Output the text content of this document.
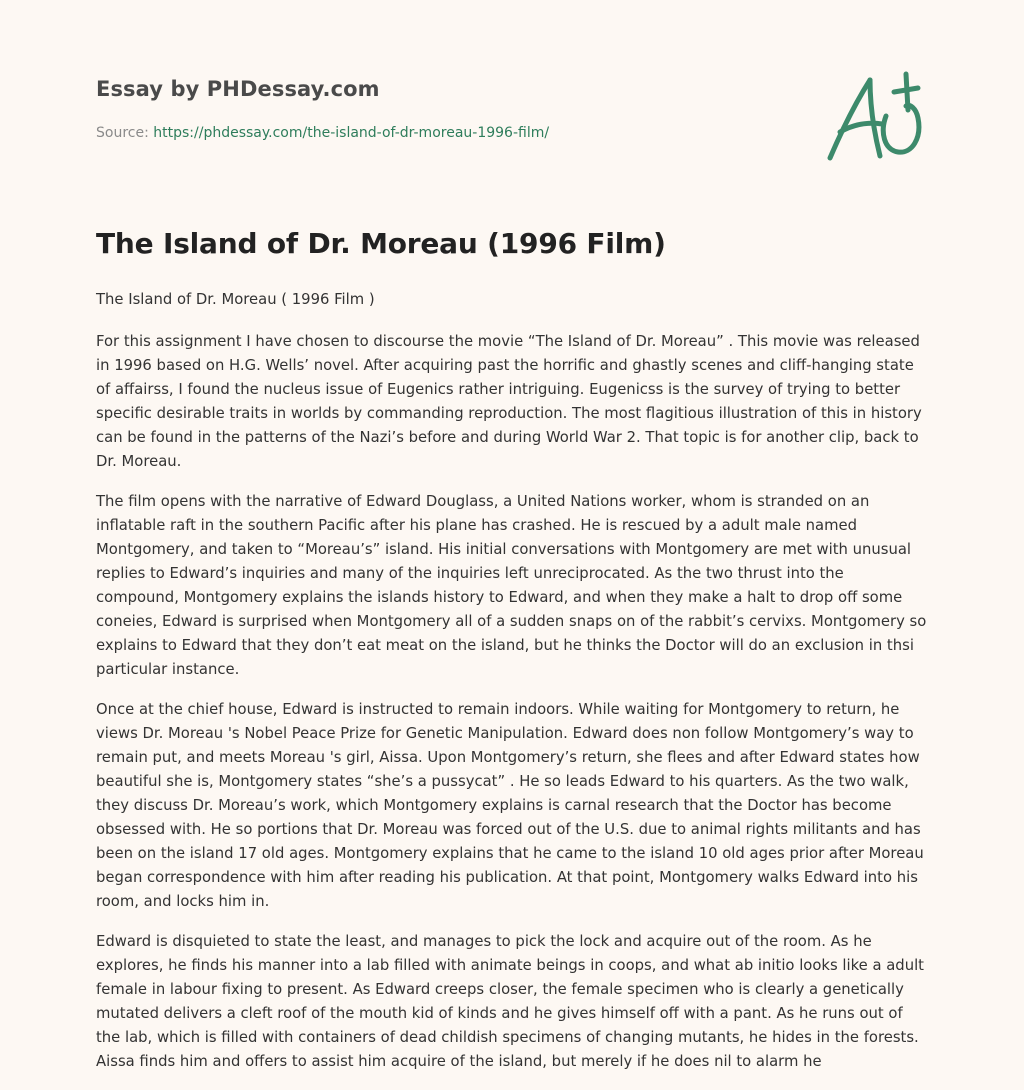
Essay by PHDessay.com
Source: https://phdessay.com/the-island-of-dr-moreau-1996-film/
The Island of Dr. Moreau (1996 Film)

The Island of Dr. Moreau ( 1996 Film )

For this assignment I have chosen to discourse the movie “The Island of Dr. Moreau” . This movie was released in 1996 based on H.G. Wells’ novel. After acquiring past the horrific and ghastly scenes and cliff-hanging state of affairss, I found the nucleus issue of Eugenics rather intriguing. Eugenicss is the survey of trying to better specific desirable traits in worlds by commanding reproduction. The most flagitious illustration of this in history can be found in the patterns of the Nazi’s before and during World War 2. That topic is for another clip, back to Dr. Moreau.

The film opens with the narrative of Edward Douglass, a United Nations worker, whom is stranded on an inflatable raft in the southern Pacific after his plane has crashed. He is rescued by a adult male named Montgomery, and taken to “Moreau’s” island. His initial conversations with Montgomery are met with unusual replies to Edward’s inquiries and many of the inquiries left unreciprocated. As the two thrust into the compound, Montgomery explains the islands history to Edward, and when they make a halt to drop off some coneies, Edward is surprised when Montgomery all of a sudden snaps on of the rabbit’s cervixs. Montgomery so explains to Edward that they don’t eat meat on the island, but he thinks the Doctor will do an exclusion in thsi particular instance.

Once at the chief house, Edward is instructed to remain indoors. While waiting for Montgomery to return, he views Dr. Moreau 's Nobel Peace Prize for Genetic Manipulation. Edward does non follow Montgomery’s way to remain put, and meets Moreau 's girl, Aissa. Upon Montgomery’s return, she flees and after Edward states how beautiful she is, Montgomery states “she’s a pussycat” . He so leads Edward to his quarters. As the two walk, they discuss Dr. Moreau’s work, which Montgomery explains is carnal research that the Doctor has become obsessed with. He so portions that Dr. Moreau was forced out of the U.S. due to animal rights militants and has been on the island 17 old ages. Montgomery explains that he came to the island 10 old ages prior after Moreau began correspondence with him after reading his publication. At that point, Montgomery walks Edward into his room, and locks him in.

Edward is disquieted to state the least, and manages to pick the lock and acquire out of the room. As he explores, he finds his manner into a lab filled with animate beings in coops, and what ab initio looks like a adult female in labour fixing to present. As Edward creeps closer, the female specimen who is clearly a genetically mutated delivers a cleft roof of the mouth kid of kinds and he gives himself off with a pant. As he runs out of the lab, which is filled with containers of dead childish specimens of changing mutants, he hides in the forests. Aissa finds him and offers to assist him acquire of the island, but merely if he does nil to alarm he
